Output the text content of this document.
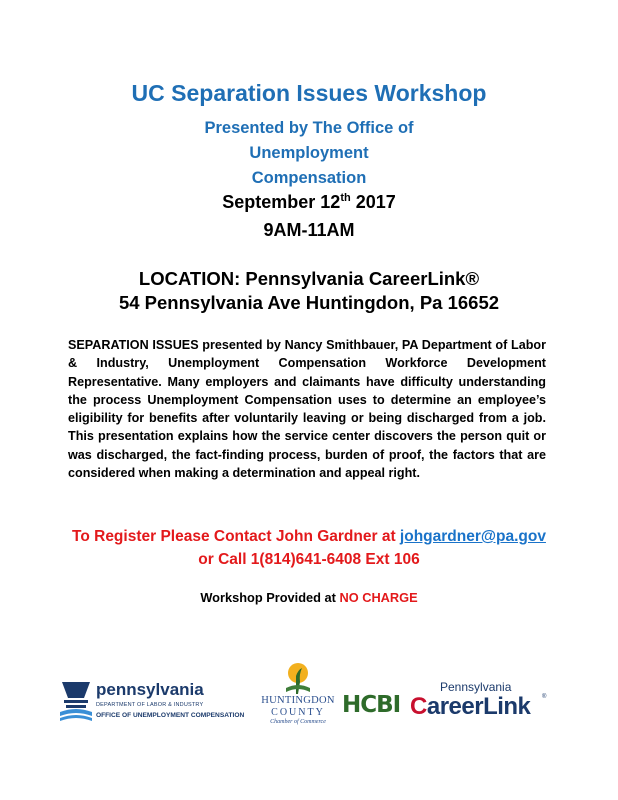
UC Separation Issues Workshop
Presented by The Office of Unemployment
Compensation

September 12th 2017

9AM-11AM

LOCATION: Pennsylvania CareerLink®

54 Pennsylvania Ave Huntingdon, Pa 16652

SEPARATION ISSUES presented by Nancy Smithbauer, PA Department of Labor & Industry, Unemployment Compensation Workforce Development Representative. Many employers and claimants have difficulty understanding the process Unemployment Compensation uses to determine an employee’s eligibility for benefits after voluntarily leaving or being discharged from a job. This presentation explains how the service center discovers the person quit or was discharged, the fact-finding process, burden of proof, the factors that are considered when making a determination and appeal right.

To Register Please Contact John Gardner at johgardner@pa.gov

or Call 1(814)641-6408 Ext 106

Workshop Provided at NO CHARGE

pennsylvania
DEPARTMENT OF LABOR & INDUSTRY
OFFICE OF UNEMPLOYMENT COMPENSATION
HUNTINGDON
COUNTY
Chamber of Commerce
HCBI
Pennsylvania
CareerLink ®
